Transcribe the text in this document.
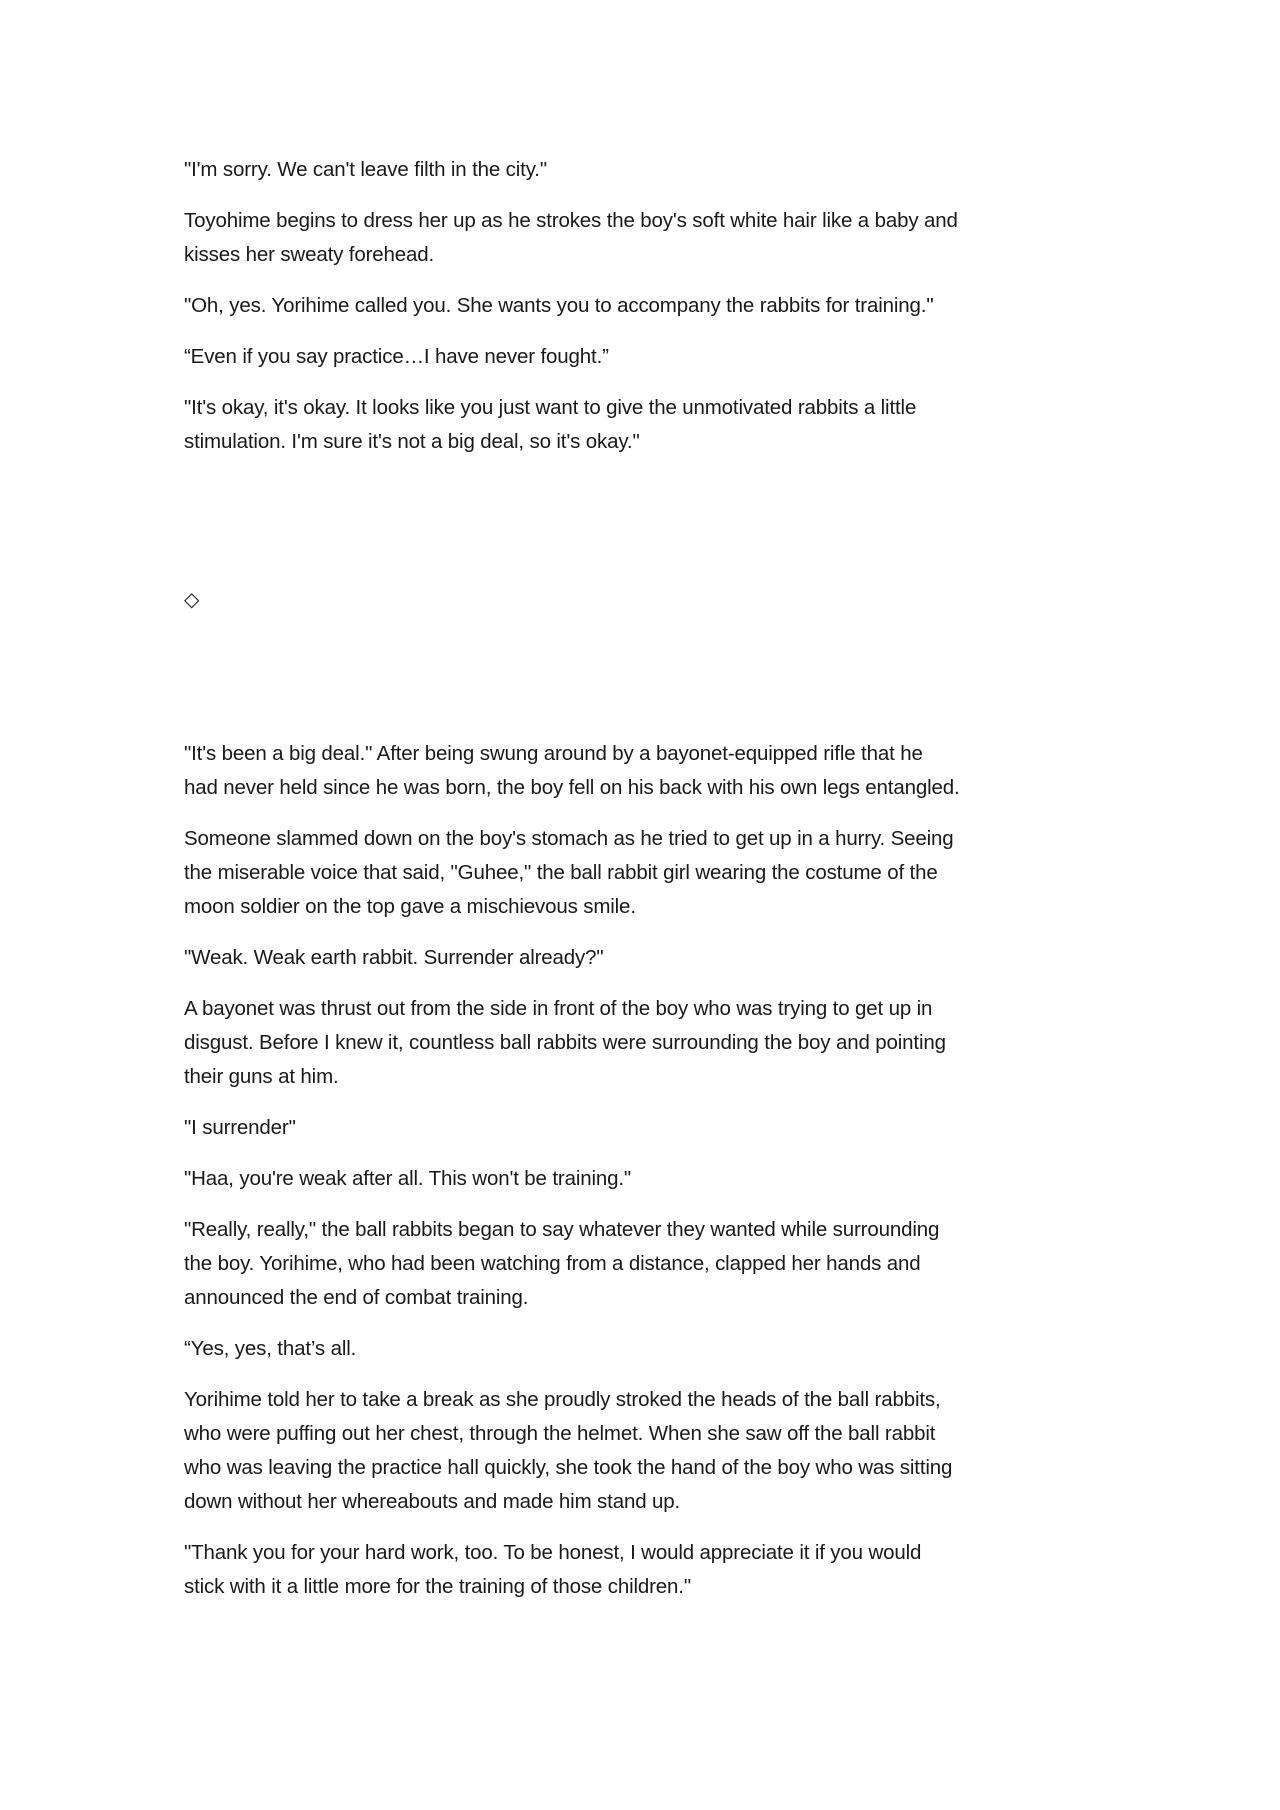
"I'm sorry. We can't leave filth in the city."

Toyohime begins to dress her up as he strokes the boy's soft white hair like a baby and
kisses her sweaty forehead.

"Oh, yes. Yorihime called you. She wants you to accompany the rabbits for training."

“Even if you say practice…I have never fought.”

"It's okay, it's okay. It looks like you just want to give the unmotivated rabbits a little
stimulation. I'm sure it's not a big deal, so it's okay."

◇

"It's been a big deal." After being swung around by a bayonet-equipped rifle that he
had never held since he was born, the boy fell on his back with his own legs entangled.

Someone slammed down on the boy's stomach as he tried to get up in a hurry. Seeing
the miserable voice that said, "Guhee," the ball rabbit girl wearing the costume of the
moon soldier on the top gave a mischievous smile.

"Weak. Weak earth rabbit. Surrender already?"

A bayonet was thrust out from the side in front of the boy who was trying to get up in
disgust. Before I knew it, countless ball rabbits were surrounding the boy and pointing
their guns at him.

"I surrender"

"Haa, you're weak after all. This won't be training."

"Really, really," the ball rabbits began to say whatever they wanted while surrounding
the boy. Yorihime, who had been watching from a distance, clapped her hands and
announced the end of combat training.

“Yes, yes, that’s all.

Yorihime told her to take a break as she proudly stroked the heads of the ball rabbits,
who were puffing out her chest, through the helmet. When she saw off the ball rabbit
who was leaving the practice hall quickly, she took the hand of the boy who was sitting
down without her whereabouts and made him stand up.

"Thank you for your hard work, too. To be honest, I would appreciate it if you would
stick with it a little more for the training of those children."
